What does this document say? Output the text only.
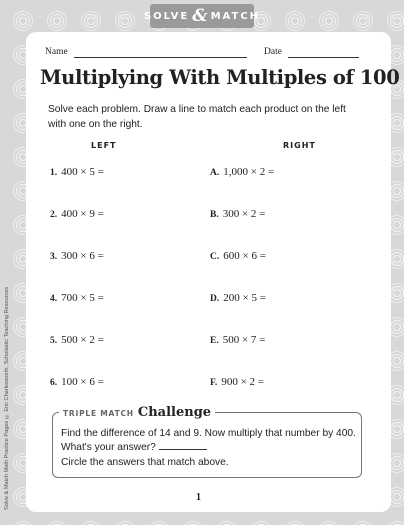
Solve & Match Math Practice Pages © Eric Charlesworth, Scholastic Teaching Resources
SOLVE & MATCH
Name	Date
Multiplying With Multiples of 100
Solve each problem. Draw a line to match each product on the left with one on the right.
LEFT	RIGHT
1. 400 × 5 =
2. 400 × 9 =
3. 300 × 6 =
4. 700 × 5 =
5. 500 × 2 =
6. 100 × 6 =
A. 1,000 × 2 =
B. 300 × 2 =
C. 600 × 6 =
D. 200 × 5 =
E. 500 × 7 =
F. 900 × 2 =
TRIPLE MATCH Challenge
Find the difference of 14 and 9. Now multiply that number by 400. What's your answer?
Circle the answers that match above.
1
